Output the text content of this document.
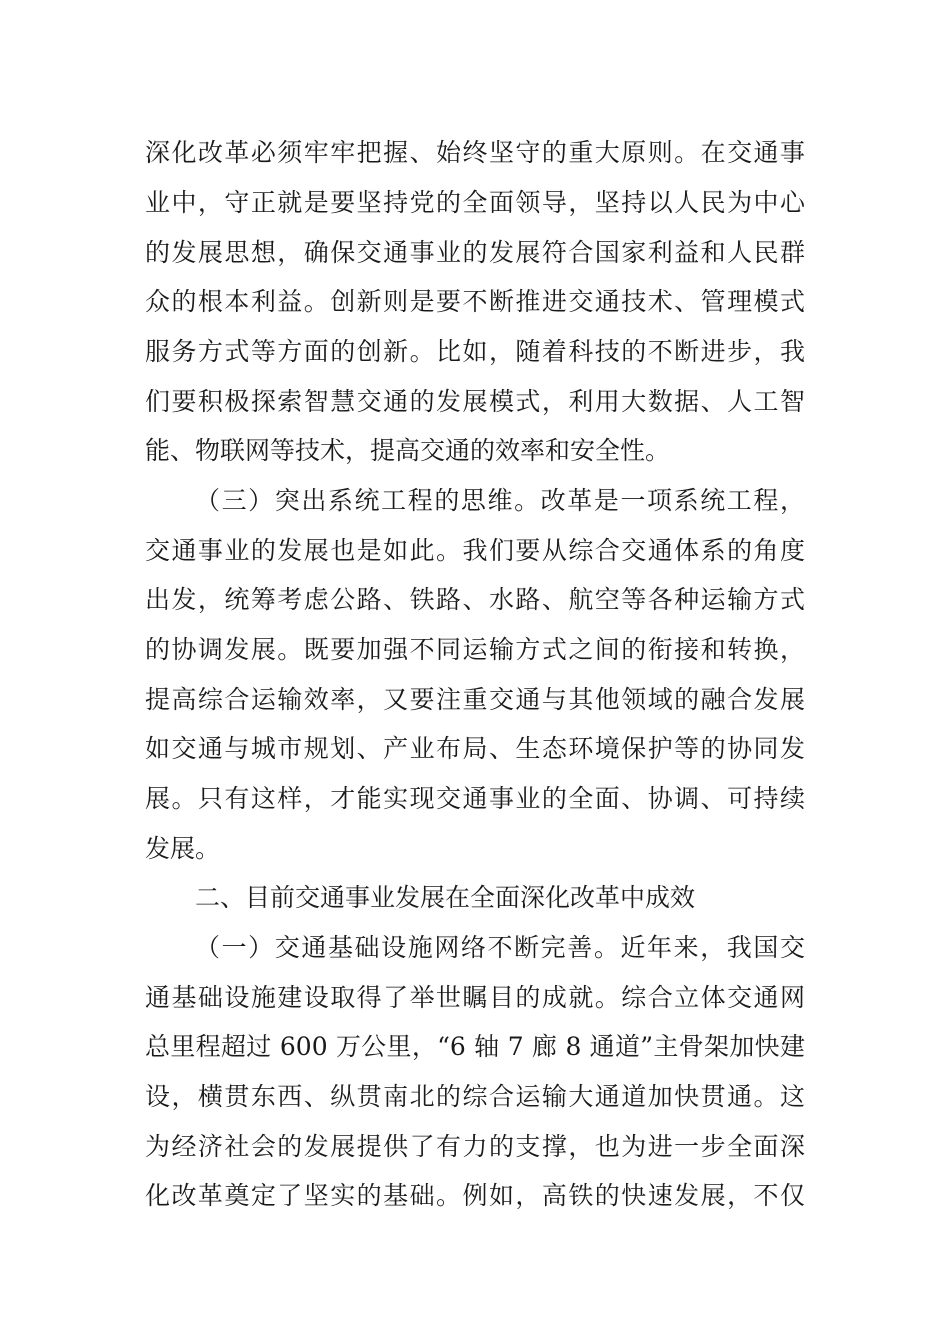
深化改革必须牢牢把握、始终坚守的重大原则。在交通事
业中，守正就是要坚持党的全面领导，坚持以人民为中心
的发展思想，确保交通事业的发展符合国家利益和人民群
众的根本利益。创新则是要不断推进交通技术、管理模式
服务方式等方面的创新。比如，随着科技的不断进步，我
们要积极探索智慧交通的发展模式，利用大数据、人工智
能、物联网等技术，提高交通的效率和安全性。
（三）突出系统工程的思维。改革是一项系统工程，
交通事业的发展也是如此。我们要从综合交通体系的角度
出发，统筹考虑公路、铁路、水路、航空等各种运输方式
的协调发展。既要加强不同运输方式之间的衔接和转换，
提高综合运输效率，又要注重交通与其他领域的融合发展
如交通与城市规划、产业布局、生态环境保护等的协同发
展。只有这样，才能实现交通事业的全面、协调、可持续
发展。
二、目前交通事业发展在全面深化改革中成效
（一）交通基础设施网络不断完善。近年来，我国交
通基础设施建设取得了举世瞩目的成就。综合立体交通网
总里程超过 600 万公里，“6 轴 7 廊 8 通道”主骨架加快建
设，横贯东西、纵贯南北的综合运输大通道加快贯通。这
为经济社会的发展提供了有力的支撑，也为进一步全面深
化改革奠定了坚实的基础。例如，高铁的快速发展，不仅
